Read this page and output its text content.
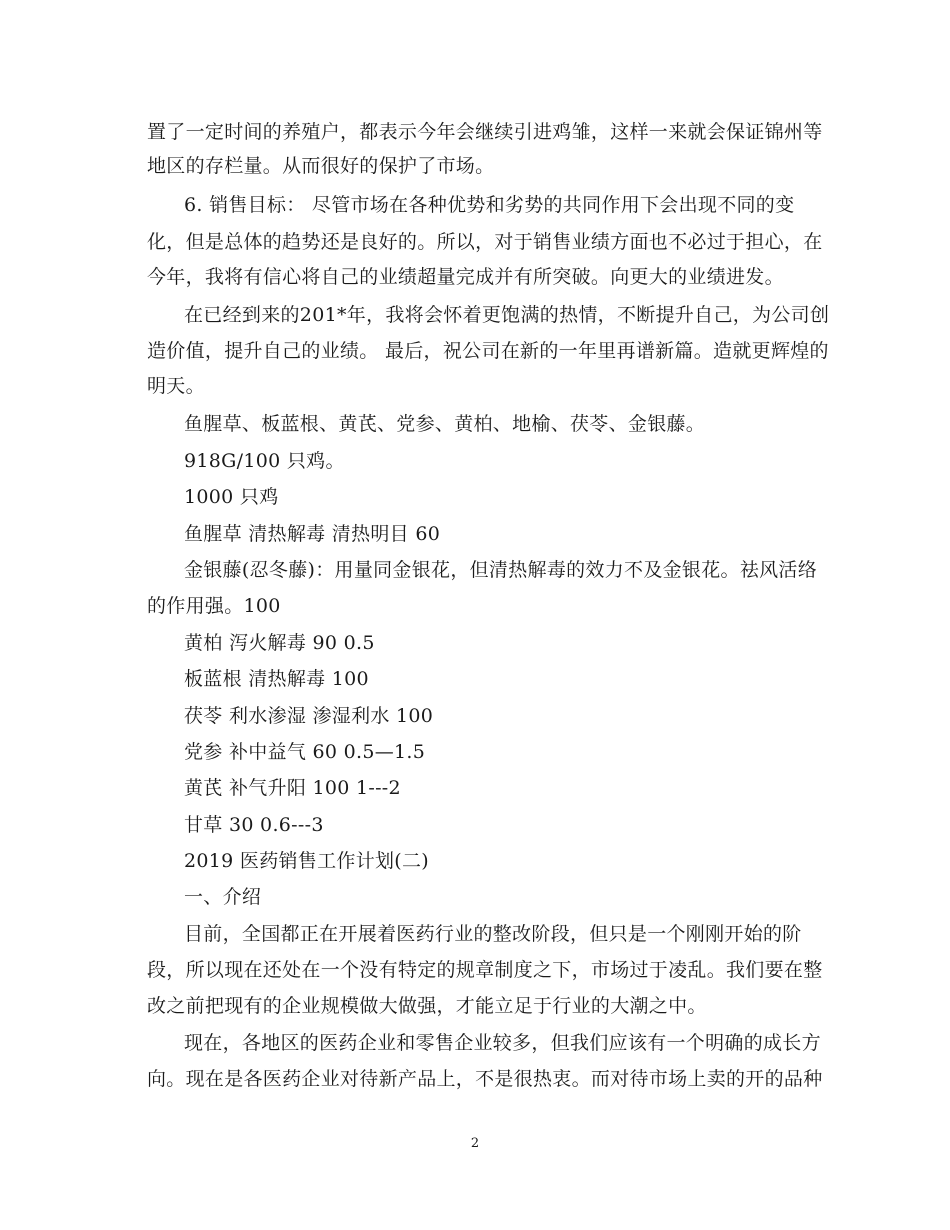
置了一定时间的养殖户，都表示今年会继续引进鸡雏，这样一来就会保证锦州等
地区的存栏量。从而很好的保护了市场。
6. 销售目标： 尽管市场在各种优势和劣势的共同作用下会出现不同的变
化，但是总体的趋势还是良好的。所以，对于销售业绩方面也不必过于担心，在
今年，我将有信心将自己的业绩超量完成并有所突破。向更大的业绩进发。
在已经到来的201*年，我将会怀着更饱满的热情，不断提升自己，为公司创
造价值，提升自己的业绩。 最后，祝公司在新的一年里再谱新篇。造就更辉煌的
明天。
鱼腥草、板蓝根、黄芪、党参、黄柏、地榆、茯苓、金银藤。
918G/100 只鸡。
1000 只鸡
鱼腥草 清热解毒 清热明目 60
金银藤(忍冬藤)：用量同金银花，但清热解毒的效力不及金银花。祛风活络
的作用强。100
黄柏 泻火解毒 90 0.5
板蓝根 清热解毒 100
茯苓 利水渗湿 渗湿利水 100
党参 补中益气 60 0.5—1.5
黄芪 补气升阳 100 1---2
甘草 30 0.6---3
2019 医药销售工作计划(二)
一、介绍
目前，全国都正在开展着医药行业的整改阶段，但只是一个刚刚开始的阶
段，所以现在还处在一个没有特定的规章制度之下，市场过于凌乱。我们要在整
改之前把现有的企业规模做大做强，才能立足于行业的大潮之中。
现在，各地区的医药企业和零售企业较多，但我们应该有一个明确的成长方
向。现在是各医药企业对待新产品上，不是很热衷。而对待市场上卖的开的品种
2
